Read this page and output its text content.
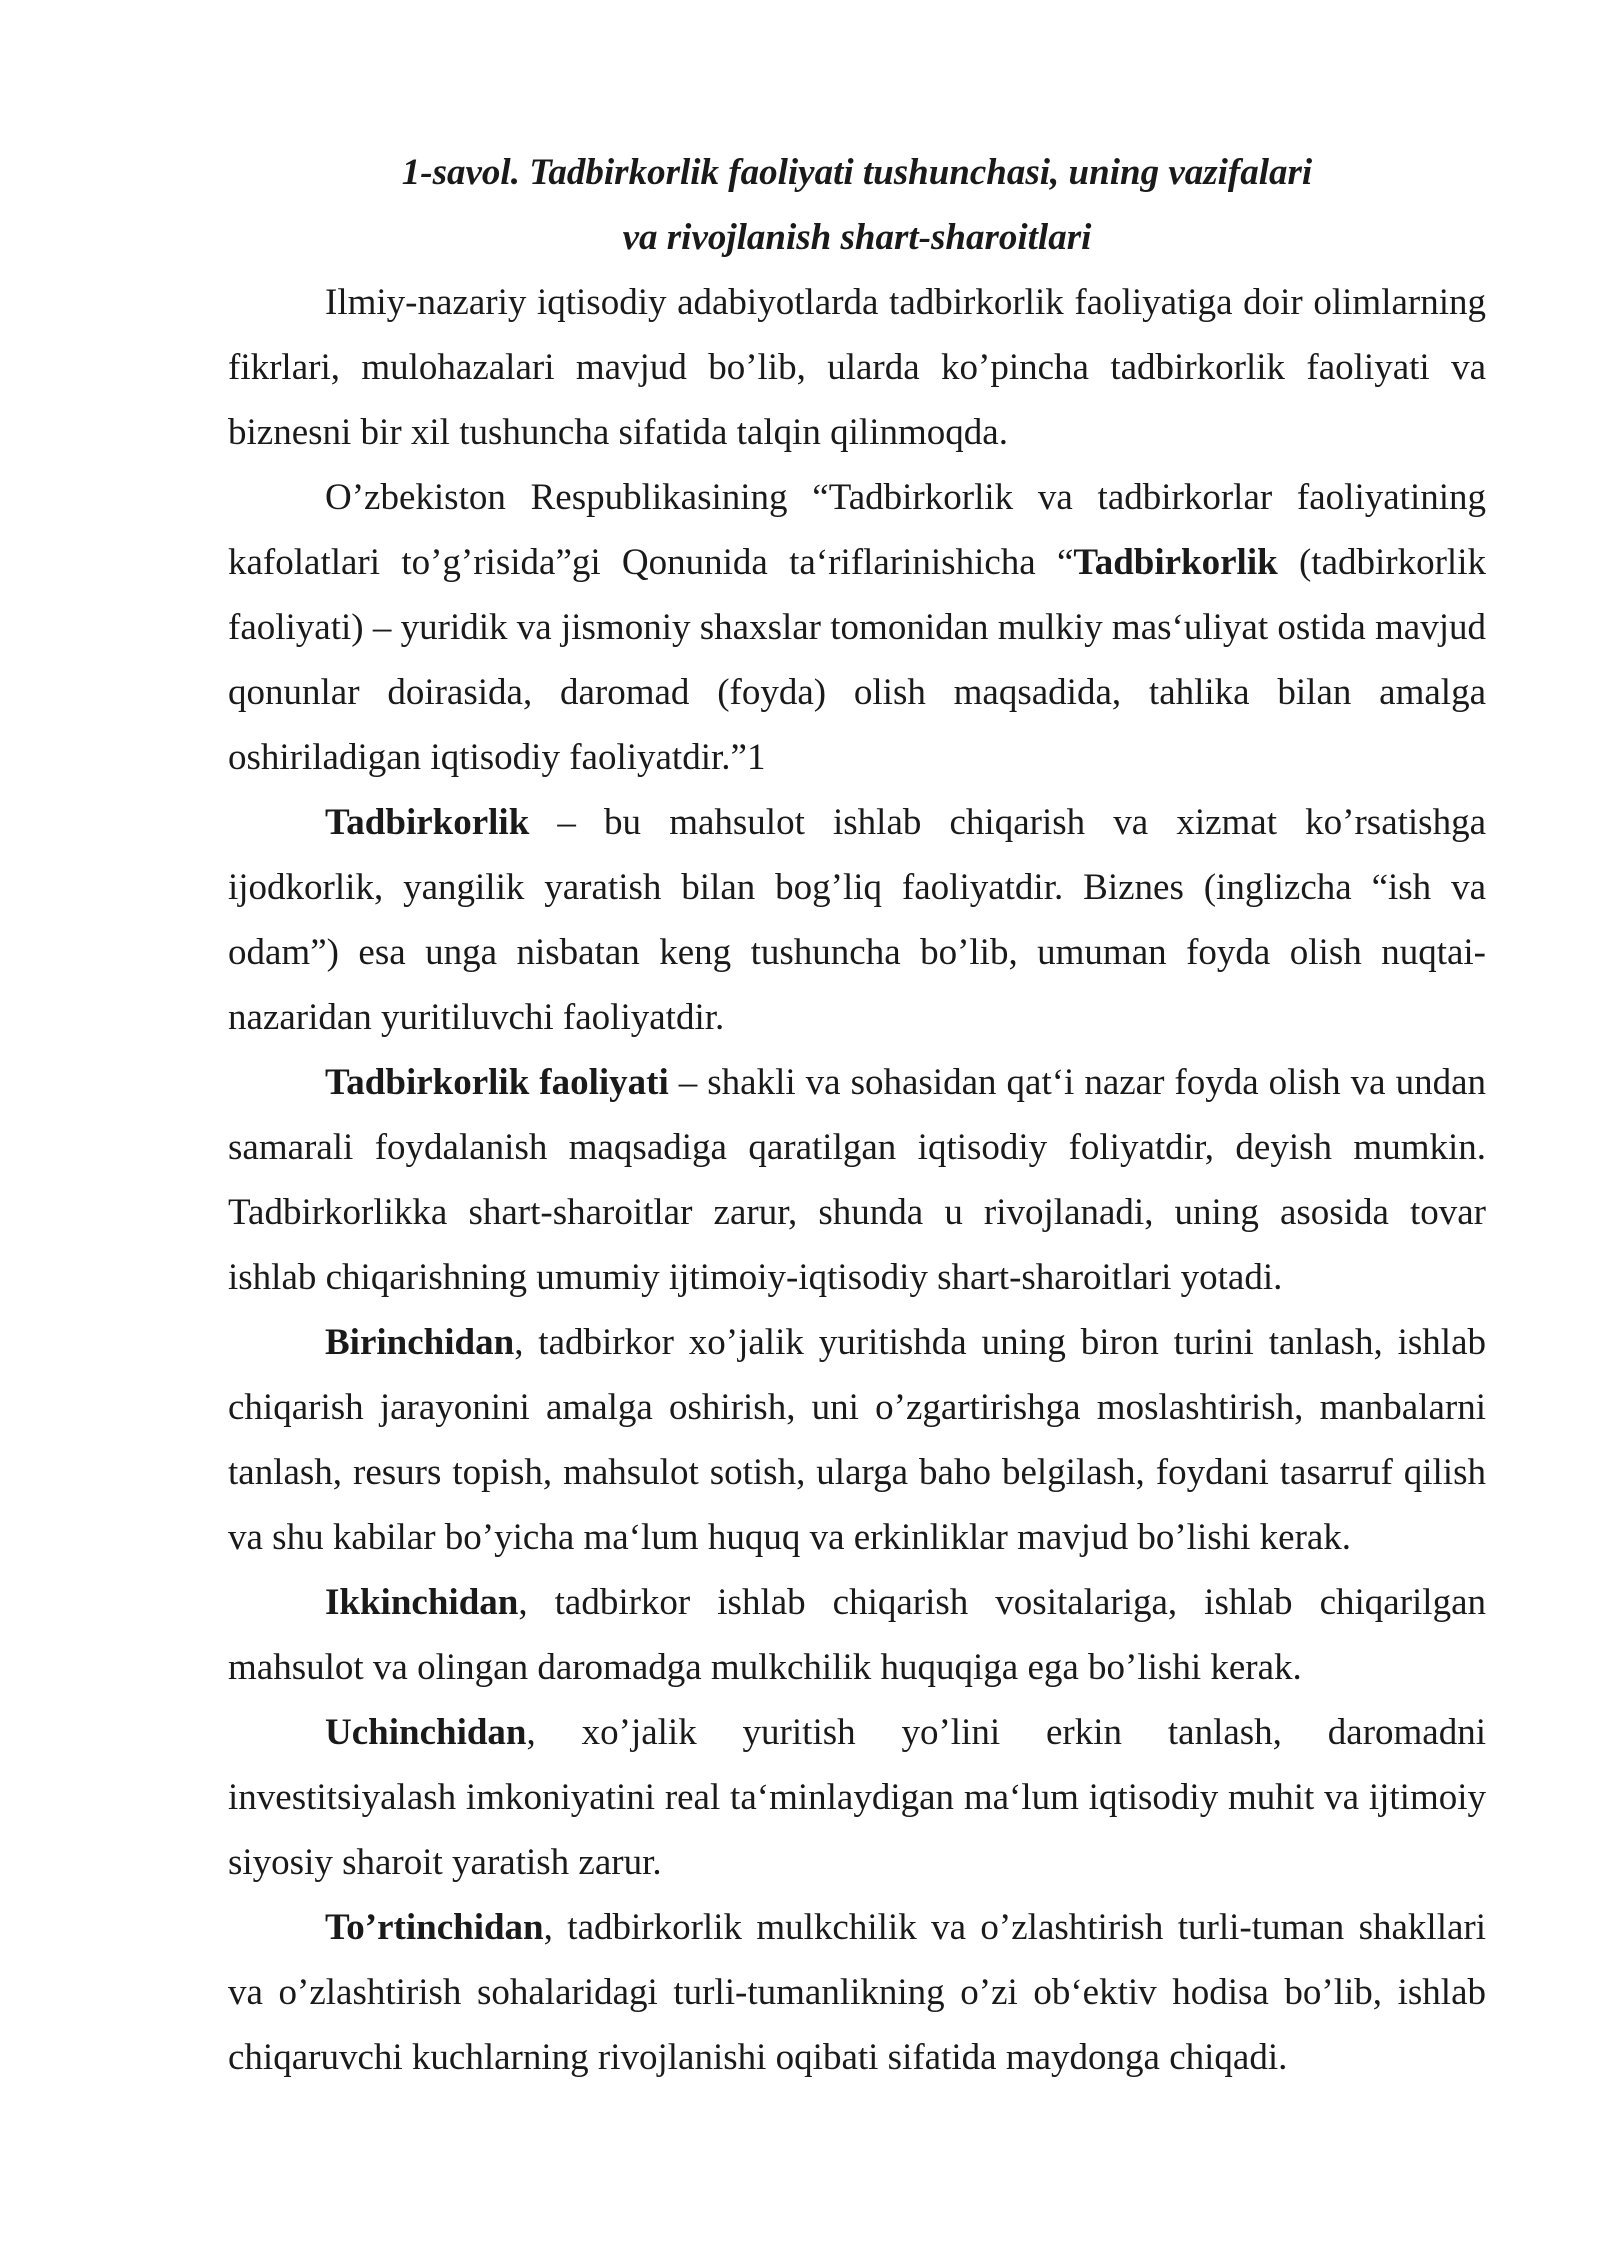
1-savol. Tadbirkorlik faoliyati tushunchasi, uning vazifalari
va rivojlanish shart-sharoitlari

Ilmiy-nazariy iqtisodiy adabiyotlarda tadbirkorlik faoliyatiga doir olimlarning fikrlari, mulohazalari mavjud bo’lib, ularda ko’pincha tadbirkorlik faoliyati va biznesni bir xil tushuncha sifatida talqin qilinmoqda.

O’zbekiston Respublikasining “Tadbirkorlik va tadbirkorlar faoliyatining kafolatlari to’g’risida”gi Qonunida ta‘riflarinishicha “Tadbirkorlik (tadbirkorlik faoliyati) – yuridik va jismoniy shaxslar tomonidan mulkiy mas‘uliyat ostida mavjud qonunlar doirasida, daromad (foyda) olish maqsadida, tahlika bilan amalga oshiriladigan iqtisodiy faoliyatdir.”1

Tadbirkorlik – bu mahsulot ishlab chiqarish va xizmat ko’rsatishga ijodkorlik, yangilik yaratish bilan bog’liq faoliyatdir. Biznes (inglizcha “ish va odam”) esa unga nisbatan keng tushuncha bo’lib, umuman foyda olish nuqtai-nazaridan yuritiluvchi faoliyatdir.

Tadbirkorlik faoliyati – shakli va sohasidan qat‘i nazar foyda olish va undan samarali foydalanish maqsadiga qaratilgan iqtisodiy foliyatdir, deyish mumkin. Tadbirkorlikka shart-sharoitlar zarur, shunda u rivojlanadi, uning asosida tovar ishlab chiqarishning umumiy ijtimoiy-iqtisodiy shart-sharoitlari yotadi.

Birinchidan, tadbirkor xo’jalik yuritishda uning biron turini tanlash, ishlab chiqarish jarayonini amalga oshirish, uni o’zgartirishga moslashtirish, manbalarni tanlash, resurs topish, mahsulot sotish, ularga baho belgilash, foydani tasarruf qilish va shu kabilar bo’yicha ma‘lum huquq va erkinliklar mavjud bo’lishi kerak.

Ikkinchidan, tadbirkor ishlab chiqarish vositalariga, ishlab chiqarilgan mahsulot va olingan daromadga mulkchilik huquqiga ega bo’lishi kerak.

Uchinchidan, xo’jalik yuritish yo’lini erkin tanlash, daromadni investitsiyalash imkoniyatini real ta‘minlaydigan ma‘lum iqtisodiy muhit va ijtimoiy siyosiy sharoit yaratish zarur.

To’rtinchidan, tadbirkorlik mulkchilik va o’zlashtirish turli-tuman shakllari va o’zlashtirish sohalaridagi turli-tumanlikning o’zi ob‘ektiv hodisa bo’lib, ishlab chiqaruvchi kuchlarning rivojlanishi oqibati sifatida maydonga chiqadi.
